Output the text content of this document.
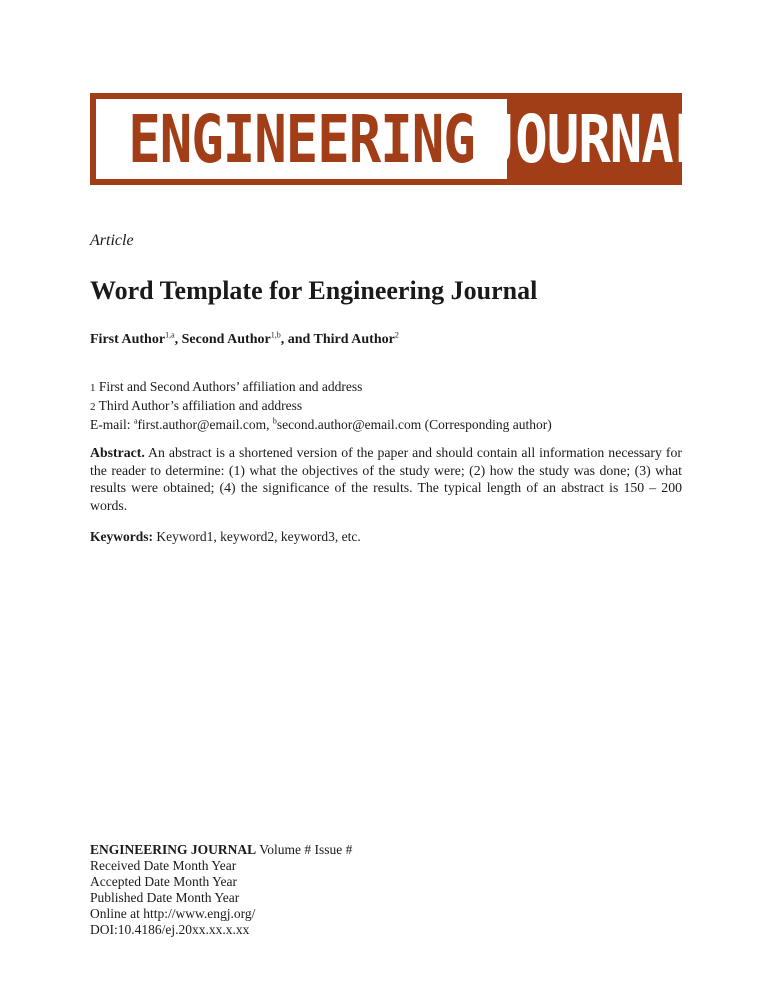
ENGINEERING JOURNAL
Article
Word Template for Engineering Journal
First Author$^{1,a}$, Second Author$^{1,b}$, and Third Author$^2$
1 First and Second Authors’ affiliation and address
2 Third Author’s affiliation and address
E-mail: $^a$first.author@email.com, $^b$second.author@email.com (Corresponding author)

Abstract. An abstract is a shortened version of the paper and should contain all information necessary for the reader to determine: (1) what the objectives of the study were; (2) how the study was done; (3) what results were obtained; (4) the significance of the results. The typical length of an abstract is 150 – 200 words.

Keywords: Keyword1, keyword2, keyword3, etc.
ENGINEERING JOURNAL Volume # Issue #
Received Date Month Year
Accepted Date Month Year
Published Date Month Year
Online at http://www.engj.org/
DOI:10.4186/ej.20xx.xx.x.xx
